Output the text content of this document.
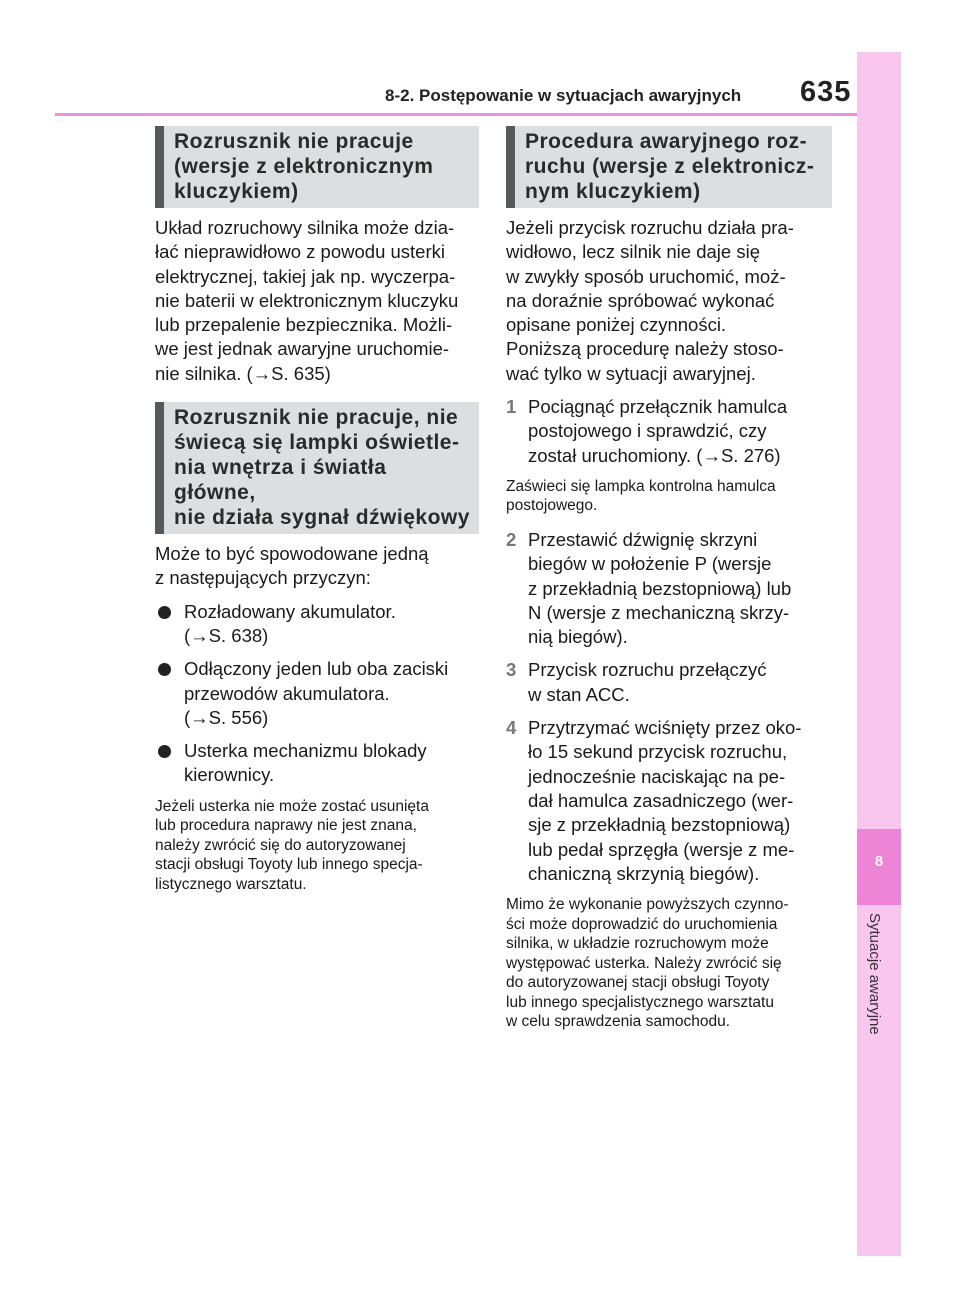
8-2. Postępowanie w sytuacjach awaryjnych 635
8
Sytuacje awaryjne
Rozrusznik nie pracuje
(wersje z elektronicznym
kluczykiem)
Układ rozruchowy silnika może dzia-
łać nieprawidłowo z powodu usterki
elektrycznej, takiej jak np. wyczerpa-
nie baterii w elektronicznym kluczyku
lub przepalenie bezpiecznika. Możli-
we jest jednak awaryjne uruchomie-
nie silnika. (→S. 635)
Rozrusznik nie pracuje, nie
świecą się lampki oświetle-
nia wnętrza i światła główne,
nie działa sygnał dźwiękowy
Może to być spowodowane jedną
z następujących przyczyn:
Rozładowany akumulator.
(→S. 638)
Odłączony jeden lub oba zaciski
przewodów akumulatora.
(→S. 556)
Usterka mechanizmu blokady
kierownicy.
Jeżeli usterka nie może zostać usunięta
lub procedura naprawy nie jest znana,
należy zwrócić się do autoryzowanej
stacji obsługi Toyoty lub innego specja-
listycznego warsztatu.
Procedura awaryjnego roz-
ruchu (wersje z elektronicz-
nym kluczykiem)
Jeżeli przycisk rozruchu działa pra-
widłowo, lecz silnik nie daje się
w zwykły sposób uruchomić, moż-
na doraźnie spróbować wykonać
opisane poniżej czynności.
Poniższą procedurę należy stoso-
wać tylko w sytuacji awaryjnej.
1 Pociągnąć przełącznik hamulca
postojowego i sprawdzić, czy
został uruchomiony. (→S. 276)
Zaświeci się lampka kontrolna hamulca
postojowego.
2 Przestawić dźwignię skrzyni
biegów w położenie P (wersje
z przekładnią bezstopniową) lub
N (wersje z mechaniczną skrzy-
nią biegów).
3 Przycisk rozruchu przełączyć
w stan ACC.
4 Przytrzymać wciśnięty przez oko-
ło 15 sekund przycisk rozruchu,
jednocześnie naciskając na pe-
dał hamulca zasadniczego (wer-
sje z przekładnią bezstopniową)
lub pedał sprzęgła (wersje z me-
chaniczną skrzynią biegów).
Mimo że wykonanie powyższych czynno-
ści może doprowadzić do uruchomienia
silnika, w układzie rozruchowym może
występować usterka. Należy zwrócić się
do autoryzowanej stacji obsługi Toyoty
lub innego specjalistycznego warsztatu
w celu sprawdzenia samochodu.
